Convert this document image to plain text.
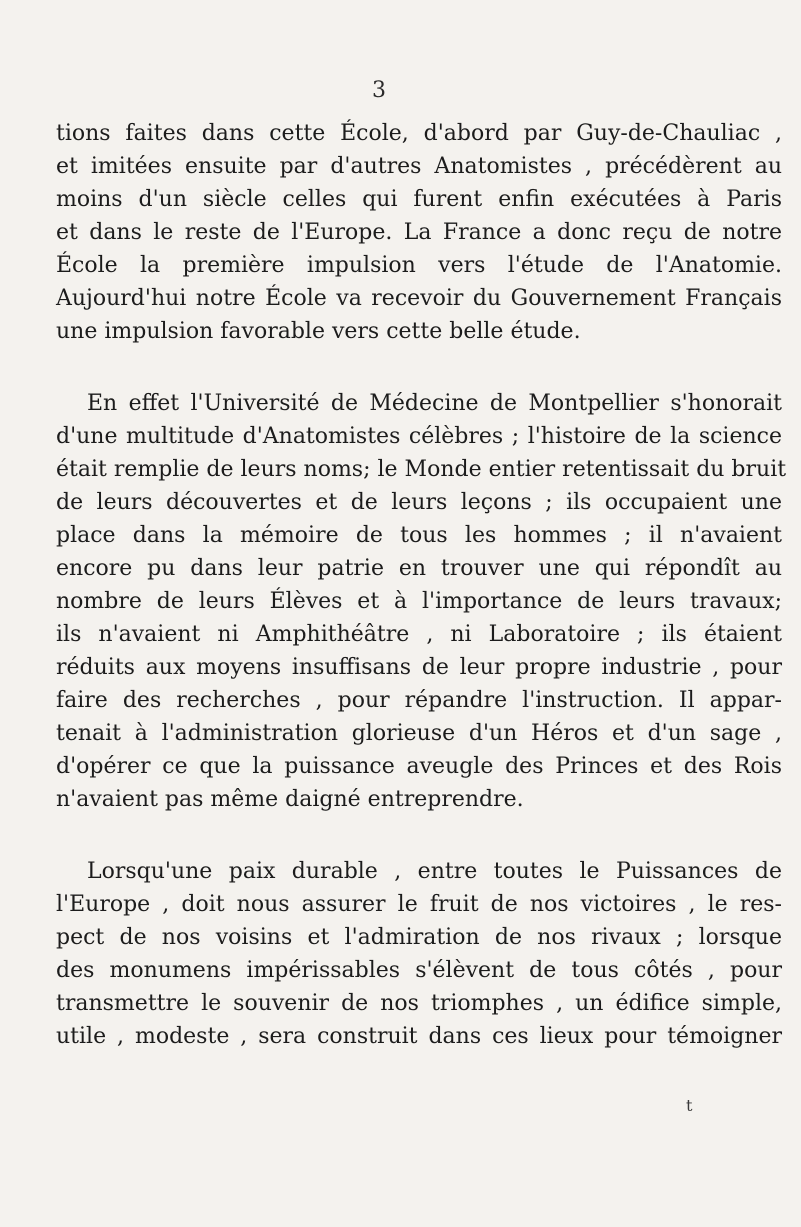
3
tions faites dans cette École, d'abord par Guy-de-Chauliac ,
et imitées ensuite par d'autres Anatomistes , précédèrent au
moins d'un siècle celles qui furent enfin exécutées à Paris
et dans le reste de l'Europe. La France a donc reçu de notre
École la première impulsion vers l'étude de l'Anatomie.
Aujourd'hui notre École va recevoir du Gouvernement Français
une impulsion favorable vers cette belle étude.
En effet l'Université de Médecine de Montpellier s'honorait
d'une multitude d'Anatomistes célèbres ; l'histoire de la science
était remplie de leurs noms; le Monde entier retentissait du bruit
de leurs découvertes et de leurs leçons ; ils occupaient une
place dans la mémoire de tous les hommes ; il n'avaient
encore pu dans leur patrie en trouver une qui répondît au
nombre de leurs Élèves et à l'importance de leurs travaux;
ils n'avaient ni Amphithéâtre , ni Laboratoire ; ils étaient
réduits aux moyens insuffisans de leur propre industrie , pour
faire des recherches , pour répandre l'instruction. Il appar-
tenait à l'administration glorieuse d'un Héros et d'un sage ,
d'opérer ce que la puissance aveugle des Princes et des Rois
n'avaient pas même daigné entreprendre.
Lorsqu'une paix durable , entre toutes le Puissances de
l'Europe , doit nous assurer le fruit de nos victoires , le res-
pect de nos voisins et l'admiration de nos rivaux ; lorsque
des monumens impérissables s'élèvent de tous côtés , pour
transmettre le souvenir de nos triomphes , un édifice simple,
utile , modeste , sera construit dans ces lieux pour témoigner
t
